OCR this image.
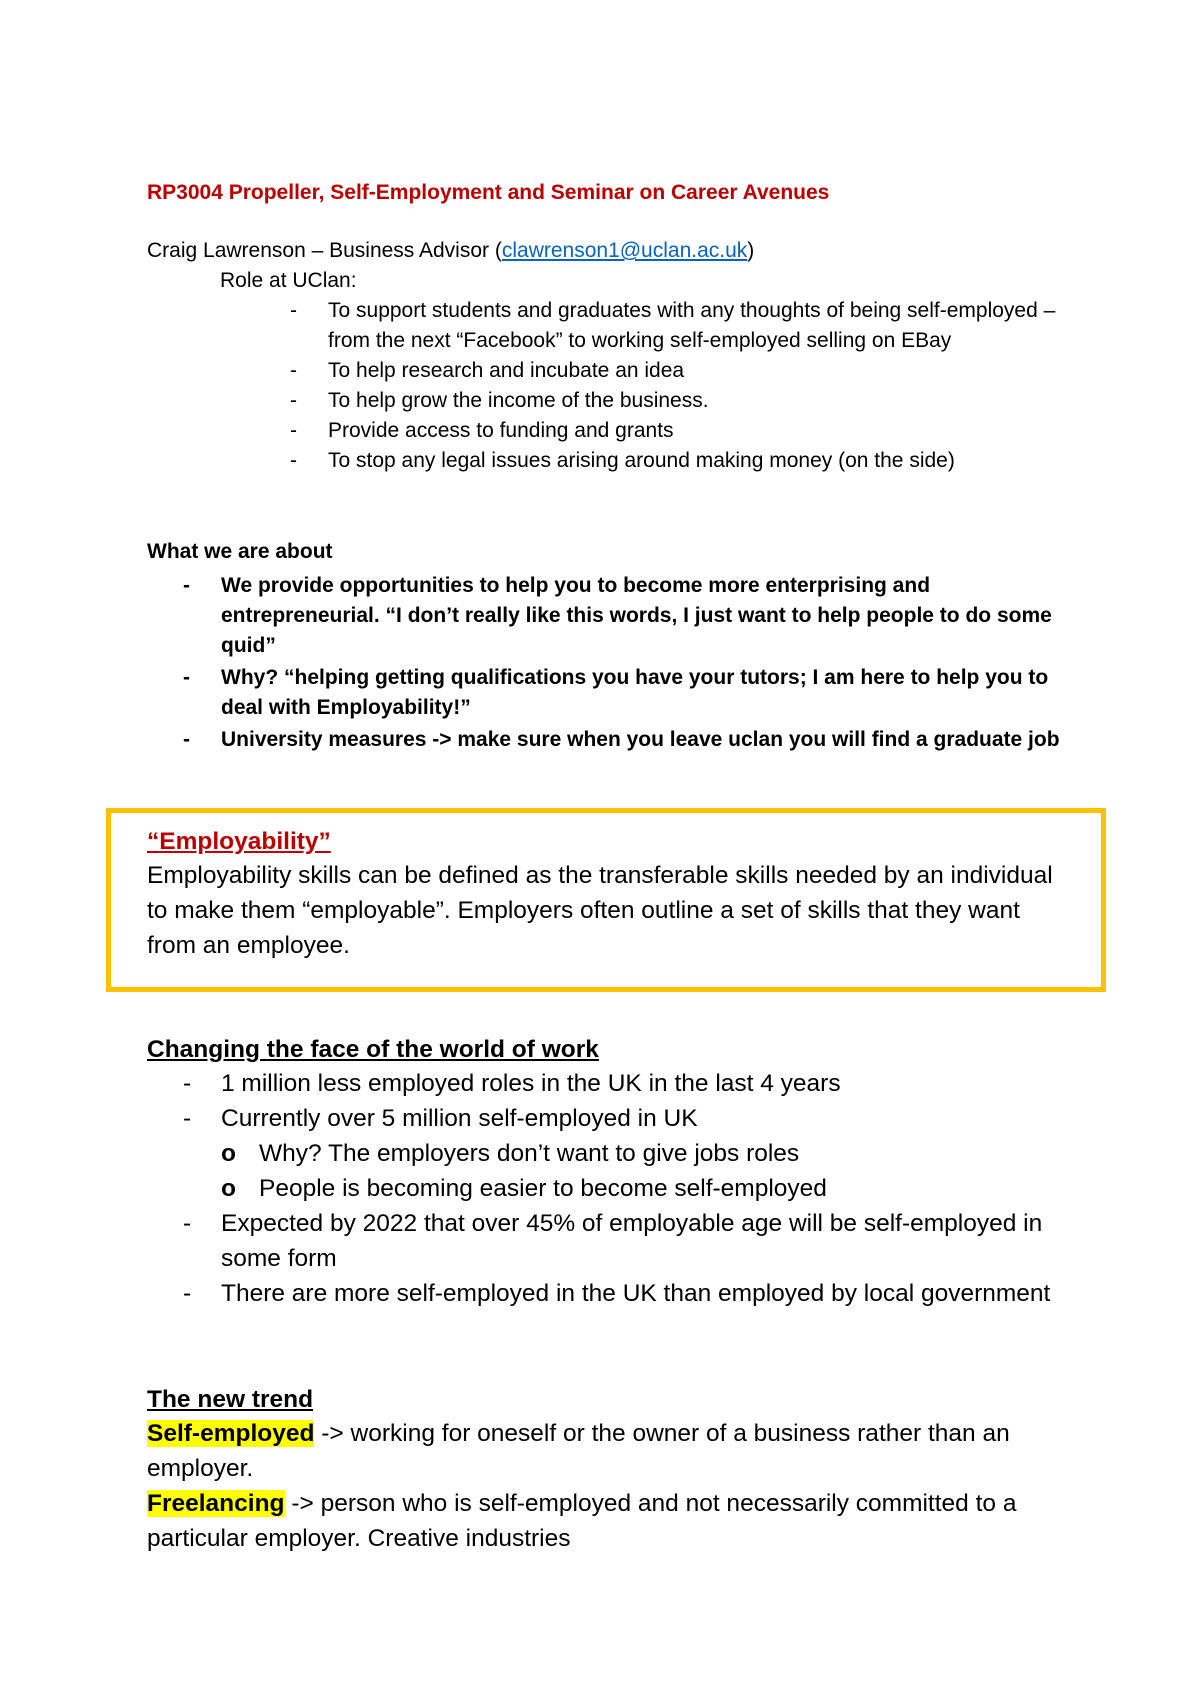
RP3004 Propeller, Self-Employment and Seminar on Career Avenues
Craig Lawrenson – Business Advisor (clawrenson1@uclan.ac.uk)
Role at UClan:
- To support students and graduates with any thoughts of being self-employed – from the next “Facebook” to working self-employed selling on EBay
- To help research and incubate an idea
- To help grow the income of the business.
- Provide access to funding and grants
- To stop any legal issues arising around making money (on the side)
What we are about
- We provide opportunities to help you to become more enterprising and entrepreneurial. “I don’t really like this words, I just want to help people to do some quid”
- Why? “helping getting qualifications you have your tutors; I am here to help you to deal with Employability!”
- University measures -> make sure when you leave uclan you will find a graduate job
“Employability”
Employability skills can be defined as the transferable skills needed by an individual to make them “employable”. Employers often outline a set of skills that they want from an employee.
Changing the face of the world of work
- 1 million less employed roles in the UK in the last 4 years
- Currently over 5 million self-employed in UK
o Why? The employers don’t want to give jobs roles
o People is becoming easier to become self-employed
- Expected by 2022 that over 45% of employable age will be self-employed in some form
- There are more self-employed in the UK than employed by local government
The new trend
Self-employed -> working for oneself or the owner of a business rather than an employer.
Freelancing -> person who is self-employed and not necessarily committed to a particular employer. Creative industries
